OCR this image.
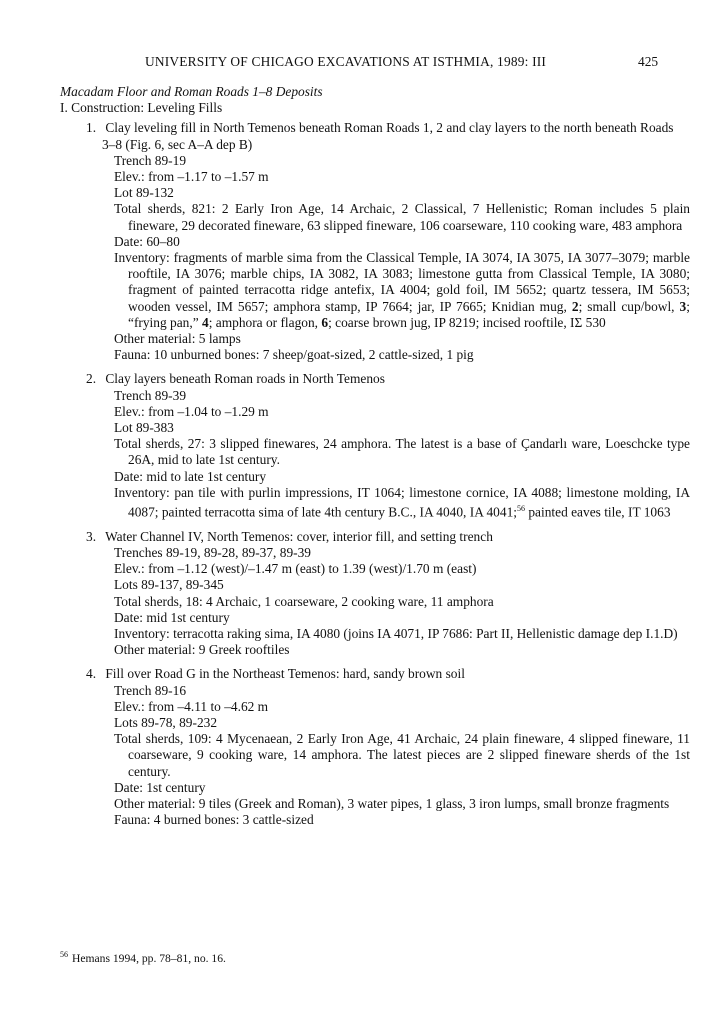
UNIVERSITY OF CHICAGO EXCAVATIONS AT ISTHMIA, 1989: III	425

Macadam Floor and Roman Roads 1–8 Deposits

I. Construction: Leveling Fills

1. Clay leveling fill in North Temenos beneath Roman Roads 1, 2 and clay layers to the north beneath Roads 3–8 (Fig. 6, sec A–A dep B)
Trench 89-19
Elev.: from –1.17 to –1.57 m
Lot 89-132
Total sherds, 821: 2 Early Iron Age, 14 Archaic, 2 Classical, 7 Hellenistic; Roman includes 5 plain fineware, 29 decorated fineware, 63 slipped fineware, 106 coarseware, 110 cooking ware, 483 amphora
Date: 60–80
Inventory: fragments of marble sima from the Classical Temple, IA 3074, IA 3075, IA 3077–3079; marble rooftile, IA 3076; marble chips, IA 3082, IA 3083; limestone gutta from Classical Temple, IA 3080; fragment of painted terracotta ridge antefix, IA 4004; gold foil, IM 5652; quartz tessera, IM 5653; wooden vessel, IM 5657; amphora stamp, IP 7664; jar, IP 7665; Knidian mug, 2; small cup/bowl, 3; “frying pan,” 4; amphora or flagon, 6; coarse brown jug, IP 8219; incised rooftile, IΣ 530
Other material: 5 lamps
Fauna: 10 unburned bones: 7 sheep/goat-sized, 2 cattle-sized, 1 pig
2. Clay layers beneath Roman roads in North Temenos
Trench 89-39
Elev.: from –1.04 to –1.29 m
Lot 89-383
Total sherds, 27: 3 slipped finewares, 24 amphora. The latest is a base of Çandarlı ware, Loeschcke type 26A, mid to late 1st century.
Date: mid to late 1st century
Inventory: pan tile with purlin impressions, IT 1064; limestone cornice, IA 4088; limestone molding, IA 4087; painted terracotta sima of late 4th century B.C., IA 4040, IA 4041;$^{56}$ painted eaves tile, IT 1063
3. Water Channel IV, North Temenos: cover, interior fill, and setting trench
Trenches 89-19, 89-28, 89-37, 89-39
Elev.: from –1.12 (west)/–1.47 m (east) to 1.39 (west)/1.70 m (east)
Lots 89-137, 89-345
Total sherds, 18: 4 Archaic, 1 coarseware, 2 cooking ware, 11 amphora
Date: mid 1st century
Inventory: terracotta raking sima, IA 4080 (joins IA 4071, IP 7686: Part II, Hellenistic damage dep I.1.D)
Other material: 9 Greek rooftiles
4. Fill over Road G in the Northeast Temenos: hard, sandy brown soil
Trench 89-16
Elev.: from –4.11 to –4.62 m
Lots 89-78, 89-232
Total sherds, 109: 4 Mycenaean, 2 Early Iron Age, 41 Archaic, 24 plain fineware, 4 slipped fineware, 11 coarseware, 9 cooking ware, 14 amphora. The latest pieces are 2 slipped fineware sherds of the 1st century.
Date: 1st century
Other material: 9 tiles (Greek and Roman), 3 water pipes, 1 glass, 3 iron lumps, small bronze fragments
Fauna: 4 burned bones: 3 cattle-sized
$^{56}$ Hemans 1994, pp. 78–81, no. 16.
